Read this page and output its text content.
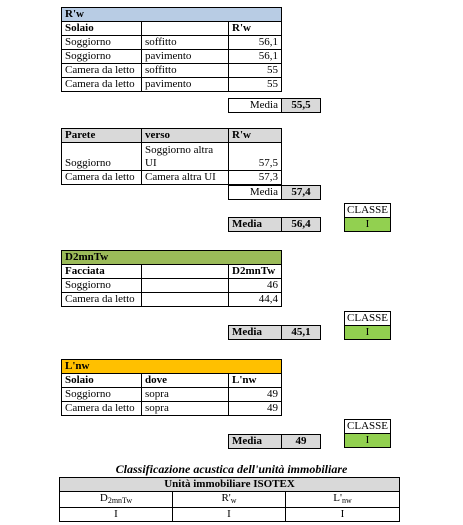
R'w		
Solaio		R'w
Soggiorno	soffitto	56,1
Soggiorno	pavimento	56,1
Camera da letto	soffitto	55
Camera da letto	pavimento	55
Media	55,5
Parete	verso	R'w
Soggiorno	Soggiorno altra UI	57,5
Camera da letto	Camera altra UI	57,3
Media	57,4
Media	56,4
CLASSE
I
D2mnTw		
Facciata		D2mnTw
Soggiorno		46
Camera da letto		44,4
Media	45,1
CLASSE
I
L'nw		
Solaio	dove	L'nw
Soggiorno	sopra	49
Camera da letto	sopra	49
Media	49
CLASSE
I
Classificazione acustica dell'unità immobiliare
Unità immobiliare ISOTEX		
$D_{2mnTw}$	$R'_w$	$L'_{nw}$
I	I	I
